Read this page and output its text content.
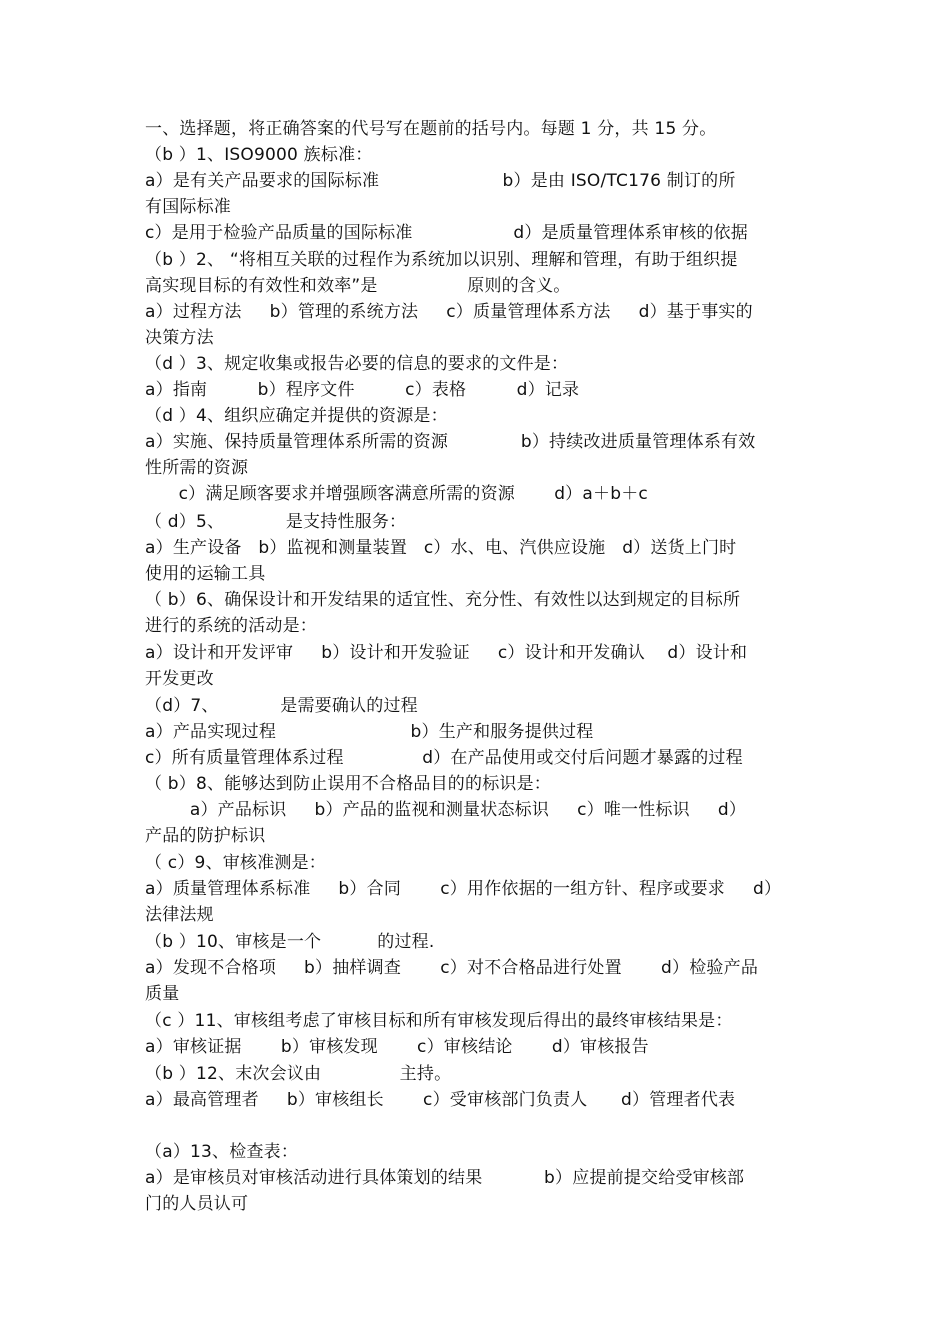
一、选择题，将正确答案的代号写在题前的括号内。每题 1 分，共 15 分。
（b ）1、ISO9000 族标准：
a）是有关产品要求的国际标准                      b）是由 ISO/TC176 制订的所
有国际标准
c）是用于检验产品质量的国际标准                  d）是质量管理体系审核的依据
（b ）2、 “将相互关联的过程作为系统加以识别、理解和管理，有助于组织提
高实现目标的有效性和效率”是                原则的含义。
a）过程方法     b）管理的系统方法     c）质量管理体系方法     d）基于事实的
决策方法
（d ）3、规定收集或报告必要的信息的要求的文件是：
a）指南         b）程序文件         c）表格         d）记录
（d ）4、组织应确定并提供的资源是：
a）实施、保持质量管理体系所需的资源             b）持续改进质量管理体系有效
性所需的资源
c）满足顾客要求并增强顾客满意所需的资源       d）a＋b＋c
（ d）5、           是支持性服务：
a）生产设备   b）监视和测量装置   c）水、电、汽供应设施   d）送货上门时
使用的运输工具
（ b）6、确保设计和开发结果的适宜性、充分性、有效性以达到规定的目标所
进行的系统的活动是：
a）设计和开发评审     b）设计和开发验证     c）设计和开发确认    d）设计和
开发更改
（d）7、           是需要确认的过程
a）产品实现过程                        b）生产和服务提供过程
c）所有质量管理体系过程              d）在产品使用或交付后问题才暴露的过程
（ b）8、能够达到防止误用不合格品目的的标识是：
a）产品标识     b）产品的监视和测量状态标识     c）唯一性标识     d）
产品的防护标识
（ c）9、审核准测是：
a）质量管理体系标准     b）合同       c）用作依据的一组方针、程序或要求     d）
法律法规
（b ）10、审核是一个          的过程.
a）发现不合格项     b）抽样调查       c）对不合格品进行处置       d）检验产品
质量
（c ）11、审核组考虑了审核目标和所有审核发现后得出的最终审核结果是：
a）审核证据       b）审核发现       c）审核结论       d）审核报告
（b ）12、末次会议由              主持。
a）最高管理者     b）审核组长       c）受审核部门负责人      d）管理者代表
（a）13、检查表：
a）是审核员对审核活动进行具体策划的结果           b）应提前提交给受审核部
门的人员认可
